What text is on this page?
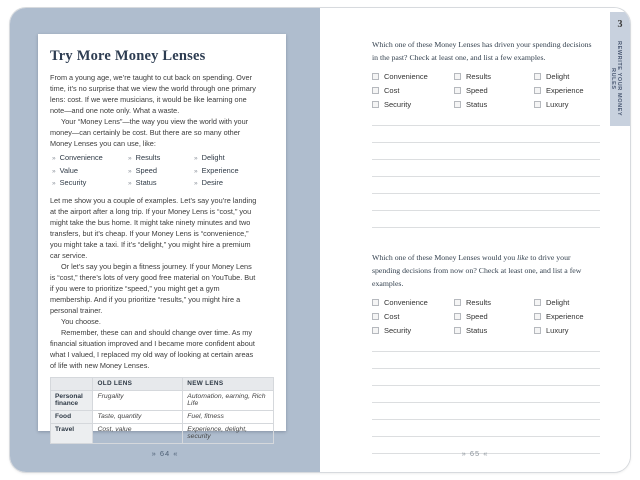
Try More Money Lenses

From a young age, we’re taught to cut back on spending. Over time, it’s no surprise that we view the world through one primary lens: cost. If we were musicians, it would be like learning one note—and one note only. What a waste.

Your “Money Lens”—the way you view the world with your money—can certainly be cost. But there are so many other Money Lenses you can use, like:

» Convenience	» Results	» Delight
» Value	» Speed	» Experience
» Security	» Status	» Desire

Let me show you a couple of examples. Let’s say you’re landing at the airport after a long trip. If your Money Lens is “cost,” you might take the bus home. It might take ninety minutes and two transfers, but it’s cheap. If your Money Lens is “convenience,” you might take a taxi. If it’s “delight,” you might hire a premium car service.

Or let’s say you begin a fitness journey. If your Money Lens is “cost,” there’s lots of very good free material on YouTube. But if you were to prioritize “speed,” you might get a gym membership. And if you prioritize “results,” you might hire a personal trainer.

You choose.

Remember, these can and should change over time. As my financial situation improved and I became more confident about what I valued, I replaced my old way of looking at certain areas of life with new Money Lenses.

	OLD LENS	NEW LENS
Personal finance	Frugality	Automation, earning, Rich Life
Food	Taste, quantity	Fuel, fitness
Travel	Cost, value	Experience, delight, security
» 64 «

Which one of these Money Lenses has driven your spending decisions in the past? Check at least one, and list a few examples.

Convenience	Results	Delight
Cost	Speed	Experience
Security	Status	Luxury

Which one of these Money Lenses would you like to drive your spending decisions from now on? Check at least one, and list a few examples.

Convenience	Results	Delight
Cost	Speed	Experience
Security	Status	Luxury
» 65 «
3
REWRITE YOUR MONEY RULES
